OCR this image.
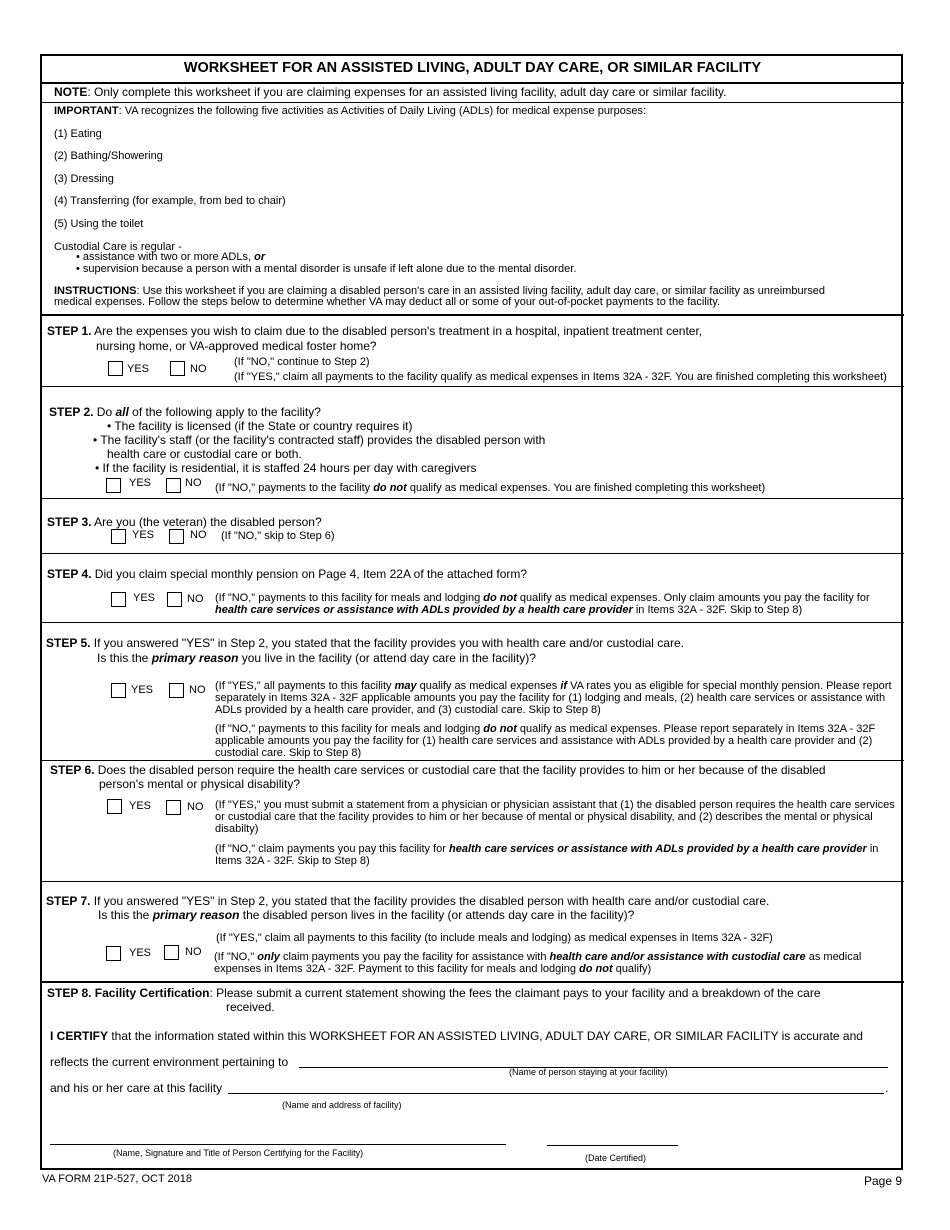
WORKSHEET FOR AN ASSISTED LIVING, ADULT DAY CARE, OR SIMILAR FACILITY
NOTE: Only complete this worksheet if you are claiming expenses for an assisted living facility, adult day care or similar facility.
IMPORTANT: VA recognizes the following five activities as Activities of Daily Living (ADLs) for medical expense purposes:
(1) Eating
(2) Bathing/Showering
(3) Dressing
(4) Transferring (for example, from bed to chair)
(5) Using the toilet
Custodial Care is regular -
• assistance with two or more ADLs, or
• supervision because a person with a mental disorder is unsafe if left alone due to the mental disorder.
INSTRUCTIONS: Use this worksheet if you are claiming a disabled person's care in an assisted living facility, adult day care, or similar facility as unreimbursed
medical expenses. Follow the steps below to determine whether VA may deduct all or some of your out-of-pocket payments to the facility.
STEP 1. Are the expenses you wish to claim due to the disabled person's treatment in a hospital, inpatient treatment center,
nursing home, or VA-approved medical foster home?
YES	NO
(If "NO," continue to Step 2)
(If "YES," claim all payments to the facility qualify as medical expenses in Items 32A - 32F. You are finished completing this worksheet)
STEP 2. Do all of the following apply to the facility?
• The facility is licensed (if the State or country requires it)
• The facility's staff (or the facility's contracted staff) provides the disabled person with
health care or custodial care or both.
• If the facility is residential, it is staffed 24 hours per day with caregivers
YES	NO (If "NO," payments to the facility do not qualify as medical expenses. You are finished completing this worksheet)
STEP 3. Are you (the veteran) the disabled person?
YES	NO (If "NO," skip to Step 6)
STEP 4. Did you claim special monthly pension on Page 4, Item 22A of the attached form?
YES	NO (If "NO," payments to this facility for meals and lodging do not qualify as medical expenses. Only claim amounts you pay the facility for
health care services or assistance with ADLs provided by a health care provider in Items 32A - 32F. Skip to Step 8)
STEP 5. If you answered "YES" in Step 2, you stated that the facility provides you with health care and/or custodial care.
Is this the primary reason you live in the facility (or attend day care in the facility)?
YES	NO (If "YES," all payments to this facility may qualify as medical expenses if VA rates you as eligible for special monthly pension. Please report
separately in Items 32A - 32F applicable amounts you pay the facility for (1) lodging and meals, (2) health care services or assistance with
ADLs provided by a health care provider, and (3) custodial care. Skip to Step 8)
(If "NO," payments to this facility for meals and lodging do not qualify as medical expenses. Please report separately in Items 32A - 32F
applicable amounts you pay the facility for (1) health care services and assistance with ADLs provided by a health care provider and (2)
custodial care. Skip to Step 8)
STEP 6. Does the disabled person require the health care services or custodial care that the facility provides to him or her because of the disabled
person's mental or physical disability?
YES	NO (If "YES," you must submit a statement from a physician or physician assistant that (1) the disabled person requires the health care services
or custodial care that the facility provides to him or her because of mental or physical disability, and (2) describes the mental or physical
disabilty)
(If "NO," claim payments you pay this facility for health care services or assistance with ADLs provided by a health care provider in
Items 32A - 32F. Skip to Step 8)
STEP 7. If you answered "YES" in Step 2, you stated that the facility provides the disabled person with health care and/or custodial care.
Is this the primary reason the disabled person lives in the facility (or attends day care in the facility)?
(If "YES," claim all payments to this facility (to include meals and lodging) as medical expenses in Items 32A - 32F)
YES	NO (If "NO," only claim payments you pay the facility for assistance with health care and/or assistance with custodial care as medical
expenses in Items 32A - 32F. Payment to this facility for meals and lodging do not qualify)
STEP 8. Facility Certification: Please submit a current statement showing the fees the claimant pays to your facility and a breakdown of the care
received.
I CERTIFY that the information stated within this WORKSHEET FOR AN ASSISTED LIVING, ADULT DAY CARE, OR SIMILAR FACILITY is accurate and
reflects the current environment pertaining to
(Name of person staying at your facility)
and his or her care at this facility	.
(Name and address of facility)
(Name, Signature and Title of Person Certifying for the Facility)	(Date Certified)
VA FORM 21P-527, OCT 2018	Page 9
